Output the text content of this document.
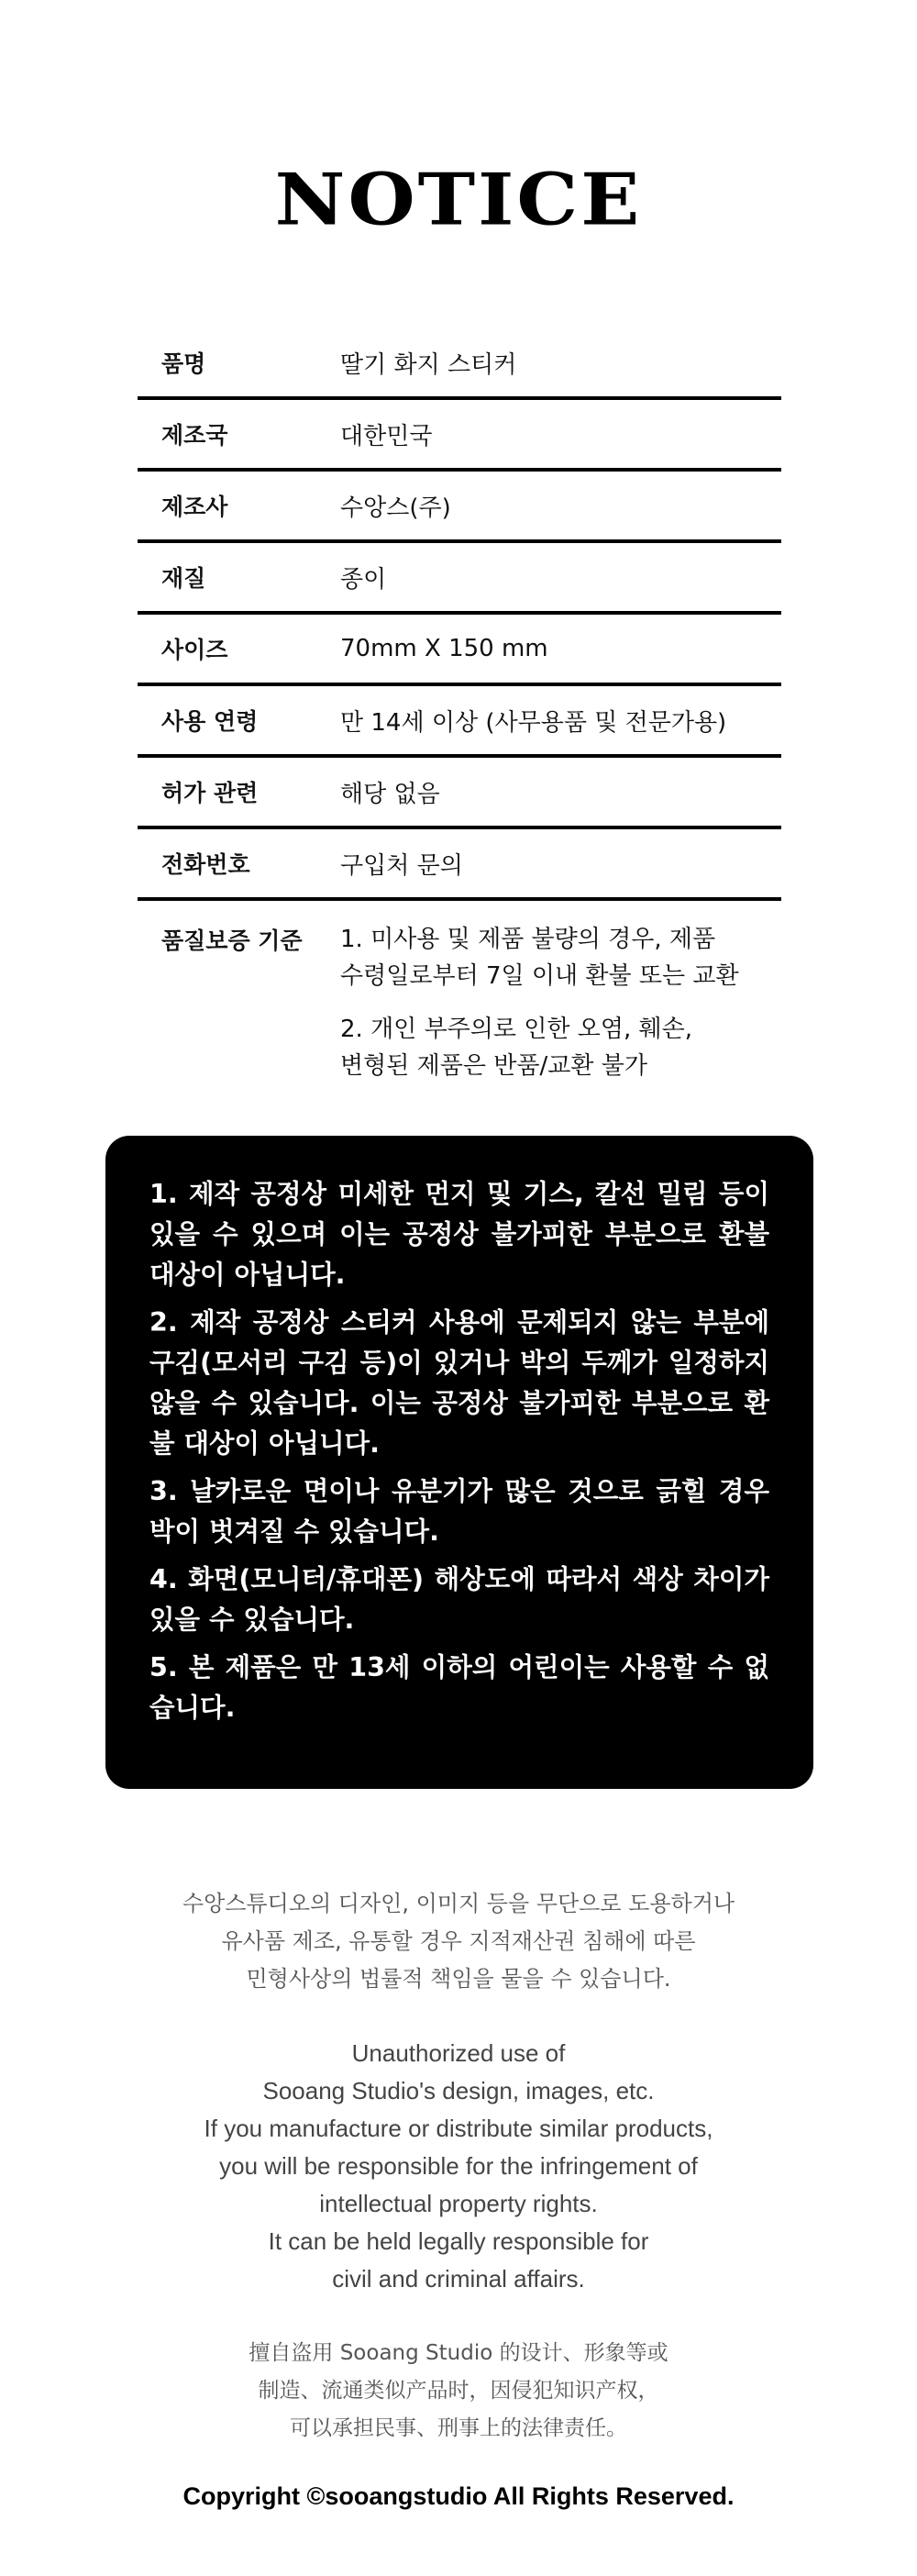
NOTICE
품명	딸기 화지 스티커
제조국	대한민국
제조사	수앙스(주)
재질	종이
사이즈	70mm X 150 mm
사용 연령	만 14세 이상 (사무용품 및 전문가용)
허가 관련	해당 없음
전화번호	구입처 문의
품질보증 기준	1. 미사용 및 제품 불량의 경우, 제품
수령일로부터 7일 이내 환불 또는 교환
2. 개인 부주의로 인한 오염, 훼손,
변형된 제품은 반품/교환 불가

1. 제작 공정상 미세한 먼지 및 기스, 칼선 밀림 등이 있을 수 있으며 이는 공정상 불가피한 부분으로 환불 대상이 아닙니다.

2. 제작 공정상 스티커 사용에 문제되지 않는 부분에 구김(모서리 구김 등)이 있거나 박의 두께가 일정하지 않을 수 있습니다. 이는 공정상 불가피한 부분으로 환불 대상이 아닙니다.

3. 날카로운 면이나 유분기가 많은 것으로 긁힐 경우 박이 벗겨질 수 있습니다.

4. 화면(모니터/휴대폰) 해상도에 따라서 색상 차이가 있을 수 있습니다.

5. 본 제품은 만 13세 이하의 어린이는 사용할 수 없습니다.

수앙스튜디오의 디자인, 이미지 등을 무단으로 도용하거나
유사품 제조, 유통할 경우 지적재산권 침해에 따른
민형사상의 법률적 책임을 물을 수 있습니다.
Unauthorized use of
Sooang Studio's design, images, etc.
If you manufacture or distribute similar products,
you will be responsible for the infringement of
intellectual property rights.
It can be held legally responsible for
civil and criminal affairs.
擅自盗用 Sooang Studio 的设计、形象等或
制造、流通类似产品时，因侵犯知识产权，
可以承担民事、刑事上的法律责任。
Copyright ©sooangstudio All Rights Reserved.
